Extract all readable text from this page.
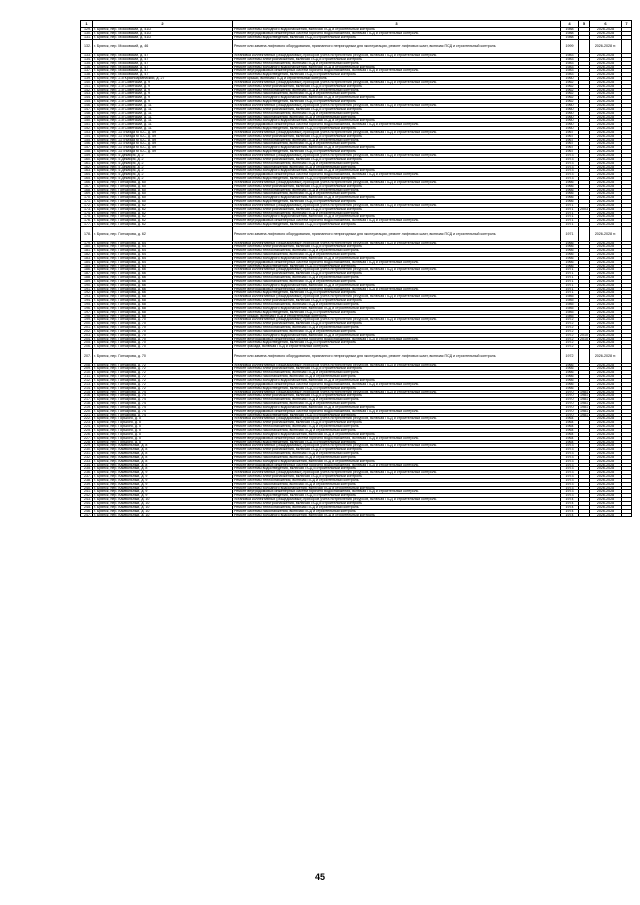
1	2	3	4	5	6	7
129.	г. Брянск, пер. Московский, д. 41/2	Ремонт системы холодного водоснабжения, включая ПСД и строительный контроль	1988		2026-2028	
130.	г. Брянск, пер. Московский, д. 41/2	Ремонт внутридомовых инженерных систем горячего водоснабжения, включая ПСД и строительный контроль	1988		2026-2028	
131.	г. Брянск, пер. Московский, д. 41/2	Ремонт системы водоотведения, включая ПСД и строительный контроль	1988		2026-2028	
132.	г. Брянск, пер. Московский, д. 46	Ремонт или замена лифтового оборудования, признанного непригодным для эксплуатации, ремонт лифтовых шахт, включая ПСД и строительный контроль	1999		2026-2028 гг.	
133.	г. Брянск, пер. Московский, д. 47	Установка коллективных (общедомовых) приборов учета потребления ресурсов, включая ПСД и строительный контроль	1983		2026-2028	
134.	г. Брянск, пер. Московский, д. 47	Ремонт системы электроснабжения, включая ПСД и строительный контроль	1983		2026-2028	
135.	г. Брянск, пер. Московский, д. 47	Ремонт системы теплоснабжения, включая ПСД и строительный контроль	1983		2026-2028	
136.	г. Брянск, пер. Московский, д. 47	Ремонт системы холодного водоснабжения, включая ПСД и строительный контроль	1983		2026-2028	
137.	г. Брянск, пер. Московский, д. 47	Ремонт внутридомовых инженерных систем горячего водоснабжения, включая ПСД и строительный контроль	1983		2026-2028	
138.	г. Брянск, пер. Московский, д. 47	Ремонт системы водоотведения, включая ПСД и строительный контроль	1983		2026-2028	
139.	г. Брянск, пер. 2-й Красноармейский, д. 27	Ремонт крыши, включая ПСД и строительный контроль	1960		2026-2028	
140.	г. Брянск, пер. 2-й Советский, д. 9	Установка коллективных (общедомовых) приборов учета потребления ресурсов, включая ПСД и строительный контроль	1962		2026-2028	
141.	г. Брянск, пер. 2-й Советский, д. 9	Ремонт системы электроснабжения, включая ПСД и строительный контроль	1962		2026-2028	
142.	г. Брянск, пер. 2-й Советский, д. 9	Ремонт системы теплоснабжения, включая ПСД и строительный контроль	1962		2026-2028	
143.	г. Брянск, пер. 2-й Советский, д. 9	Ремонт системы газоснабжения, включая ПСД и строительный контроль	1962		2026-2028	
144.	г. Брянск, пер. 2-й Советский, д. 9	Ремонт системы холодного водоснабжения, включая ПСД и строительный контроль	1962		2026-2028	
145.	г. Брянск, пер. 2-й Советский, д. 9	Ремонт системы водоотведения, включая ПСД и строительный контроль	1962		2026-2028	
146.	г. Брянск, пер. 2-й Советский, д. 11	Установка коллективных (общедомовых) приборов учета потребления ресурсов, включая ПСД и строительный контроль	1960		2026-2028	
147.	г. Брянск, пер. 2-й Советский, д. 11	Ремонт системы электроснабжения, включая ПСД и строительный контроль	1960		2026-2028	
148.	г. Брянск, пер. 2-й Советский, д. 11	Ремонт системы теплоснабжения, включая ПСД и строительный контроль	1960		2026-2028	
149.	г. Брянск, пер. 2-й Советский, д. 11	Ремонт системы газоснабжения, включая ПСД и строительный контроль	1960		2026-2028	
150.	г. Брянск, пер. 2-й Советский, д. 11	Ремонт системы холодного водоснабжения, включая ПСД и строительный контроль	1960		2026-2028	
151.	г. Брянск, пер. 2-й Советский, д. 11	Ремонт внутридомовых инженерных систем горячего водоснабжения, включая ПСД и строительный контроль	1960		2026-2028	
152.	г. Брянск, пер. 2-й Советский, д. 11	Ремонт системы водоотведения, включая ПСД и строительный контроль	1960		2026-2028	
153.	г. Брянск, пер. 22 съезда КПСС, д. 59	Установка коллективных (общедомовых) приборов учета потребления ресурсов, включая ПСД и строительный контроль	1967		2026-2028	
154.	г. Брянск, пер. 22 съезда КПСС, д. 59	Ремонт системы электроснабжения, включая ПСД и строительный контроль	1967		2026-2028	
155.	г. Брянск, пер. 22 съезда КПСС, д. 59	Ремонт системы теплоснабжения, включая ПСД и строительный контроль	1967		2026-2028	
156.	г. Брянск, пер. 22 съезда КПСС, д. 59	Ремонт системы газоснабжения, включая ПСД и строительный контроль	1967		2026-2028	
157.	г. Брянск, пер. 22 съезда КПСС, д. 59	Ремонт системы холодного водоснабжения, включая ПСД и строительный контроль	1967		2026-2028	
158.	г. Брянск, пер. 22 съезда КПСС, д. 59	Ремонт системы водоотведения, включая ПСД и строительный контроль	1967		2026-2028	
159.	г. Брянск, пер. 5 Декабря, д. 2	Установка коллективных (общедомовых) приборов учета потребления ресурсов, включая ПСД и строительный контроль	1973		2026-2028	
160.	г. Брянск, пер. 5 Декабря, д. 2	Ремонт системы электроснабжения, включая ПСД и строительный контроль	1973		2026-2028	
161.	г. Брянск, пер. 5 Декабря, д. 2	Ремонт системы теплоснабжения, включая ПСД и строительный контроль	1973		2026-2028	
162.	г. Брянск, пер. 5 Декабря, д. 2	Ремонт системы газоснабжения, включая ПСД и строительный контроль	1973		2026-2028	
163.	г. Брянск, пер. 5 Декабря, д. 2	Ремонт системы холодного водоснабжения, включая ПСД и строительный контроль	1973		2026-2028	
164.	г. Брянск, пер. 5 Декабря, д. 2	Ремонт внутридомовых инженерных систем горячего водоснабжения, включая ПСД и строительный контроль	1973		2026-2028	
165.	г. Брянск, пер. 5 Декабря, д. 2	Ремонт системы водоотведения, включая ПСД и строительный контроль	1973		2026-2028	
166.	г. Брянск, пер. Гончарова, д. 60	Установка коллективных (общедомовых) приборов учета потребления ресурсов, включая ПСД и строительный контроль	1966		2026-2028	
167.	г. Брянск, пер. Гончарова, д. 60	Ремонт системы электроснабжения, включая ПСД и строительный контроль	1966		2026-2028	
168.	г. Брянск, пер. Гончарова, д. 60	Ремонт системы теплоснабжения, включая ПСД и строительный контроль	1966		2026-2028	
169.	г. Брянск, пер. Гончарова, д. 60	Ремонт системы газоснабжения, включая ПСД и строительный контроль	1966		2026-2028	
170.	г. Брянск, пер. Гончарова, д. 60	Ремонт системы холодного водоснабжения, включая ПСД и строительный контроль	1966		2026-2028	
171.	г. Брянск, пер. Гончарова, д. 60	Ремонт системы водоотведения, включая ПСД и строительный контроль	1966		2026-2028	
172.	г. Брянск, пер. Гончарова, д. 62	Установка коллективных (общедомовых) приборов учета потребления ресурсов, включая ПСД и строительный контроль	1971		2026-2028	
173.	г. Брянск, пер. Гончарова, д. 62	Ремонт системы электроснабжения, включая ПСД и строительный контроль	1971	2003	2026-2028	
174.	г. Брянск, пер. Гончарова, д. 62	Ремонт системы теплоснабжения, включая ПСД и строительный контроль	1971		2026-2028	
175.	г. Брянск, пер. Гончарова, д. 62	Ремонт системы холодного водоснабжения, включая ПСД и строительный контроль	1971		2026-2028	
176.	г. Брянск, пер. Гончарова, д. 62	Ремонт внутридомовых инженерных систем горячего водоснабжения, включая ПСД и строительный контроль	1971		2026-2028	
177.	г. Брянск, пер. Гончарова, д. 62	Ремонт системы водоотведения, включая ПСД и строительный контроль	1971		2026-2028	
178.	г. Брянск, пер. Гончарова, д. 62	Ремонт или замена лифтового оборудования, признанного непригодным для эксплуатации, ремонт лифтовых шахт, включая ПСД и строительный контроль	1971		2026-2028 гг.	
179.	г. Брянск, пер. Гончарова, д. 64	Установка коллективных (общедомовых) приборов учета потребления ресурсов, включая ПСД и строительный контроль	1966		2026-2028	
180.	г. Брянск, пер. Гончарова, д. 64	Ремонт системы электроснабжения, включая ПСД и строительный контроль	1966		2026-2028	
181.	г. Брянск, пер. Гончарова, д. 64	Ремонт системы теплоснабжения, включая ПСД и строительный контроль	1966		2026-2028	
182.	г. Брянск, пер. Гончарова, д. 64	Ремонт системы газоснабжения, включая ПСД и строительный контроль	1966		2026-2028	
183.	г. Брянск, пер. Гончарова, д. 64	Ремонт системы холодного водоснабжения, включая ПСД и строительный контроль	1966		2026-2028	
184.	г. Брянск, пер. Гончарова, д. 64	Ремонт внутридомовых инженерных систем горячего водоснабжения, включая ПСД и строительный контроль	1966		2026-2028	
185.	г. Брянск, пер. Гончарова, д. 64	Ремонт системы водоотведения, включая ПСД и строительный контроль	1966		2026-2028	
186.	г. Брянск, пер. Гончарова, д. 66	Установка коллективных (общедомовых) приборов учета потребления ресурсов, включая ПСД и строительный контроль	1971		2026-2028	
187.	г. Брянск, пер. Гончарова, д. 66	Ремонт системы электроснабжения, включая ПСД и строительный контроль	1971		2026-2028	
188.	г. Брянск, пер. Гончарова, д. 66	Ремонт системы теплоснабжения, включая ПСД и строительный контроль	1971		2026-2028	
189.	г. Брянск, пер. Гончарова, д. 66	Ремонт системы газоснабжения, включая ПСД и строительный контроль	1971		2026-2028	
190.	г. Брянск, пер. Гончарова, д. 66	Ремонт системы холодного водоснабжения, включая ПСД и строительный контроль	1971		2026-2028	
191.	г. Брянск, пер. Гончарова, д. 66	Ремонт внутридомовых инженерных систем горячего водоснабжения, включая ПСД и строительный контроль	1971		2026-2028	
192.	г. Брянск, пер. Гончарова, д. 66	Ремонт системы водоотведения, включая ПСД и строительный контроль	1971		2026-2028	
193.	г. Брянск, пер. Гончарова, д. 68	Установка коллективных (общедомовых) приборов учета потребления ресурсов, включая ПСД и строительный контроль	1985		2026-2028	
194.	г. Брянск, пер. Гончарова, д. 68	Ремонт системы электроснабжения, включая ПСД и строительный контроль	1985		2026-2028	
195.	г. Брянск, пер. Гончарова, д. 68	Ремонт системы теплоснабжения, включая ПСД и строительный контроль	1985		2026-2028	
196.	г. Брянск, пер. Гончарова, д. 68	Ремонт системы холодного водоснабжения, включая ПСД и строительный контроль	1985		2026-2028	
197.	г. Брянск, пер. Гончарова, д. 68	Ремонт системы водоотведения, включая ПСД и строительный контроль	1985		2026-2028	
198.	г. Брянск, пер. Гончарова, д. 68	Ремонт крыши, включая ПСД и строительный контроль	1985		2026-2028	
199.	г. Брянск, пер. Гончарова, д. 70	Установка коллективных (общедомовых) приборов учета потребления ресурсов, включая ПСД и строительный контроль	1972		2026-2028	
200.	г. Брянск, пер. Гончарова, д. 70	Ремонт системы электроснабжения, включая ПСД и строительный контроль	1972		2026-2028	
201.	г. Брянск, пер. Гончарова, д. 70	Ремонт системы теплоснабжения, включая ПСД и строительный контроль	1972		2026-2028	
202.	г. Брянск, пер. Гончарова, д. 70	Ремонт системы газоснабжения, включая ПСД и строительный контроль	1972		2026-2028	
203.	г. Брянск, пер. Гончарова, д. 70	Ремонт системы холодного водоснабжения, включая ПСД и строительный контроль	1972	2010	2026-2028	
204.	г. Брянск, пер. Гончарова, д. 70	Ремонт внутридомовых инженерных систем горячего водоснабжения, включая ПСД и строительный контроль	1972	2010	2026-2028	
205.	г. Брянск, пер. Гончарова, д. 70	Ремонт системы водоотведения, включая ПСД и строительный контроль	1972		2026-2028	
206.	г. Брянск, пер. Гончарова, д. 70	Ремонт фасада, включая ПСД и строительный контроль	1972		2026-2028	
207.	г. Брянск, пер. Гончарова, д. 70	Ремонт или замена лифтового оборудования, признанного непригодным для эксплуатации, ремонт лифтовых шахт, включая ПСД и строительный контроль	1972		2026-2028 гг.	
208.	г. Брянск, пер. Гончарова, д. 72	Установка коллективных (общедомовых) приборов учета потребления ресурсов, включая ПСД и строительный контроль	1966		2026-2028	
209.	г. Брянск, пер. Гончарова, д. 72	Ремонт системы электроснабжения, включая ПСД и строительный контроль	1966		2026-2028	
210.	г. Брянск, пер. Гончарова, д. 72	Ремонт системы теплоснабжения, включая ПСД и строительный контроль	1966		2026-2028	
211.	г. Брянск, пер. Гончарова, д. 72	Ремонт системы газоснабжения, включая ПСД и строительный контроль	1966		2026-2028	
212.	г. Брянск, пер. Гончарова, д. 72	Ремонт системы холодного водоснабжения, включая ПСД и строительный контроль	1966		2026-2028	
213.	г. Брянск, пер. Гончарова, д. 72	Ремонт внутридомовых инженерных систем горячего водоснабжения, включая ПСД и строительный контроль	1966		2026-2028	
214.	г. Брянск, пер. Гончарова, д. 72	Ремонт системы водоотведения, включая ПСД и строительный контроль	1966		2026-2028	
215.	г. Брянск, пер. Гончарова, д. 74	Установка коллективных (общедомовых) приборов учета потребления ресурсов, включая ПСД и строительный контроль	1970	1981	2026-2028	
216.	г. Брянск, пер. Гончарова, д. 74	Ремонт системы электроснабжения, включая ПСД и строительный контроль	1970	1981	2026-2028	
217.	г. Брянск, пер. Гончарова, д. 74	Ремонт системы теплоснабжения, включая ПСД и строительный контроль	1970	1981	2026-2028	
218.	г. Брянск, пер. Гончарова, д. 74	Ремонт системы газоснабжения, включая ПСД и строительный контроль	1970	1981	2026-2028	
219.	г. Брянск, пер. Гончарова, д. 74	Ремонт системы холодного водоснабжения, включая ПСД и строительный контроль	1970	1981	2026-2028	
220.	г. Брянск, пер. Гончарова, д. 74	Ремонт внутридомовых инженерных систем горячего водоснабжения, включая ПСД и строительный контроль	1970	1981	2026-2028	
221.	г. Брянск, пер. Гончарова, д. 74	Ремонт системы водоотведения, включая ПСД и строительный контроль	1970	1981	2026-2028	
222.	г. Брянск, пер. Горького, д. 5	Установка коллективных (общедомовых) приборов учета потребления ресурсов, включая ПСД и строительный контроль	1964		2026-2028	
223.	г. Брянск, пер. Горького, д. 5	Ремонт системы электроснабжения, включая ПСД и строительный контроль	1964		2026-2028	
224.	г. Брянск, пер. Горького, д. 5	Ремонт системы теплоснабжения, включая ПСД и строительный контроль	1964		2026-2028	
225.	г. Брянск, пер. Горького, д. 5	Ремонт системы газоснабжения, включая ПСД и строительный контроль	1964		2026-2028	
226.	г. Брянск, пер. Горького, д. 5	Ремонт системы холодного водоснабжения, включая ПСД и строительный контроль	1964		2026-2028	
227.	г. Брянск, пер. Горького, д. 5	Ремонт внутридомовых инженерных систем горячего водоснабжения, включая ПСД и строительный контроль	1964		2026-2028	
228.	г. Брянск, пер. Горького, д. 5	Ремонт системы водоотведения, включая ПСД и строительный контроль	1964		2026-2028	
229.	г. Брянск, пер. Камвольный, д. 8	Установка коллективных (общедомовых) приборов учета потребления ресурсов, включая ПСД и строительный контроль	1973		2026-2028	
230.	г. Брянск, пер. Камвольный, д. 8	Ремонт системы электроснабжения, включая ПСД и строительный контроль	1973		2026-2028	
231.	г. Брянск, пер. Камвольный, д. 8	Ремонт системы теплоснабжения, включая ПСД и строительный контроль	1973		2026-2028	
232.	г. Брянск, пер. Камвольный, д. 8	Ремонт системы газоснабжения, включая ПСД и строительный контроль	1973		2026-2028	
233.	г. Брянск, пер. Камвольный, д. 8	Ремонт системы холодного водоснабжения, включая ПСД и строительный контроль	1973		2026-2028	
234.	г. Брянск, пер. Камвольный, д. 8	Ремонт внутридомовых инженерных систем горячего водоснабжения, включая ПСД и строительный контроль	1973		2026-2028	
235.	г. Брянск, пер. Камвольный, д. 8	Ремонт системы водоотведения, включая ПСД и строительный контроль	1973		2026-2028	
236.	г. Брянск, пер. Камвольный, д. 9	Установка коллективных (общедомовых) приборов учета потребления ресурсов, включая ПСД и строительный контроль	1973		2026-2028	
237.	г. Брянск, пер. Камвольный, д. 9	Ремонт системы электроснабжения, включая ПСД и строительный контроль	1973		2026-2028	
238.	г. Брянск, пер. Камвольный, д. 9	Ремонт системы теплоснабжения, включая ПСД и строительный контроль	1973		2026-2028	
239.	г. Брянск, пер. Камвольный, д. 9	Ремонт системы газоснабжения, включая ПСД и строительный контроль	1973		2026-2028	
240.	г. Брянск, пер. Камвольный, д. 9	Ремонт системы холодного водоснабжения, включая ПСД и строительный контроль	1973		2026-2028	
241.	г. Брянск, пер. Камвольный, д. 9	Ремонт внутридомовых инженерных систем горячего водоснабжения, включая ПСД и строительный контроль	1973		2026-2028	
242.	г. Брянск, пер. Камвольный, д. 9	Ремонт системы водоотведения, включая ПСД и строительный контроль	1973		2026-2028	
243.	г. Брянск, пер. Камвольный, д. 10	Установка коллективных (общедомовых) приборов учета потребления ресурсов, включая ПСД и строительный контроль	1974		2026-2028	
244.	г. Брянск, пер. Камвольный, д. 10	Ремонт системы электроснабжения, включая ПСД и строительный контроль	1974		2026-2028	
245.	г. Брянск, пер. Камвольный, д. 10	Ремонт системы теплоснабжения, включая ПСД и строительный контроль	1974		2026-2028	
246.	г. Брянск, пер. Камвольный, д. 10	Ремонт системы газоснабжения, включая ПСД и строительный контроль	1974		2026-2028	
247.	г. Брянск, пер. Камвольный, д. 10	Ремонт системы холодного водоснабжения, включая ПСД и строительный контроль	1974		2026-2028	
45
